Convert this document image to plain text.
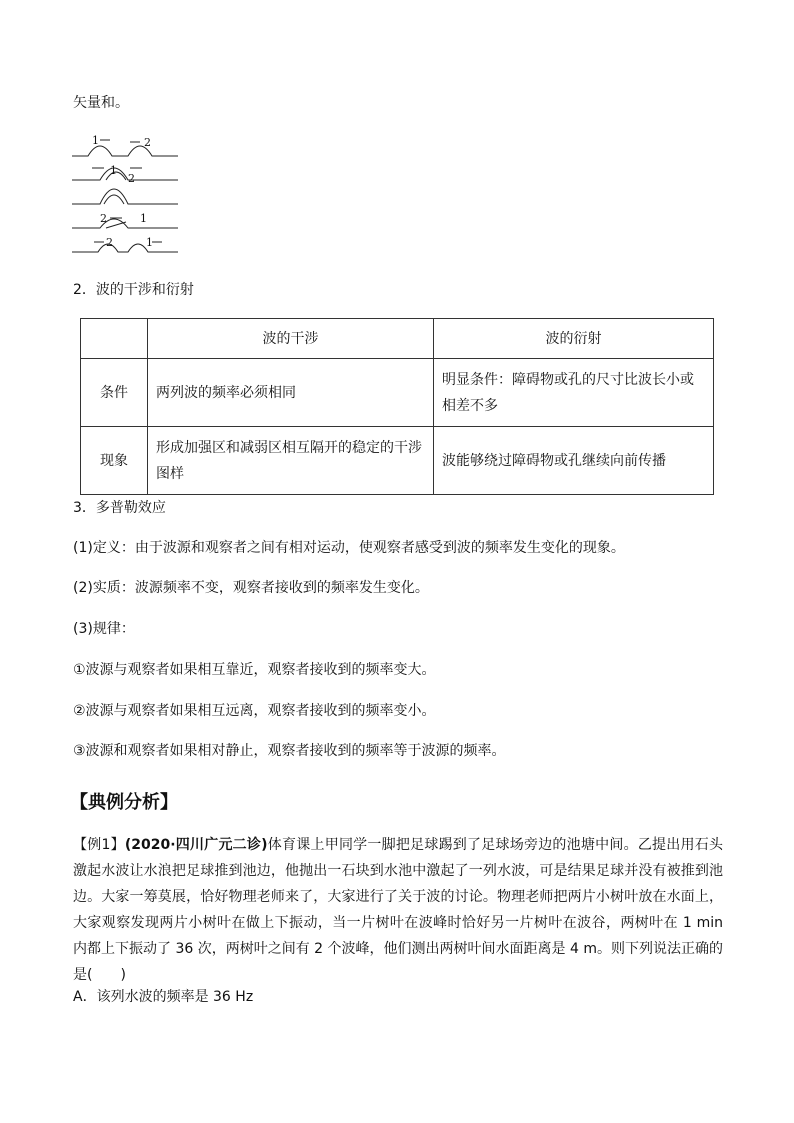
矢量和。
1	2
1
2
2	1
2	1
2．波的干涉和衍射
	波的干涉	波的衍射
条件	两列波的频率必须相同	明显条件：障碍物或孔的尺寸比波长小或相差不多
现象	形成加强区和减弱区相互隔开的稳定的干涉图样	波能够绕过障碍物或孔继续向前传播
3．多普勒效应
(1)定义：由于波源和观察者之间有相对运动，使观察者感受到波的频率发生变化的现象。
(2)实质：波源频率不变，观察者接收到的频率发生变化。
(3)规律：
①波源与观察者如果相互靠近，观察者接收到的频率变大。
②波源与观察者如果相互远离，观察者接收到的频率变小。
③波源和观察者如果相对静止，观察者接收到的频率等于波源的频率。
【典例分析】
【例1】(2020·四川广元二诊)体育课上甲同学一脚把足球踢到了足球场旁边的池塘中间。乙提出用石头激起水波让水浪把足球推到池边，他抛出一石块到水池中激起了一列水波，可是结果足球并没有被推到池边。大家一筹莫展，恰好物理老师来了，大家进行了关于波的讨论。物理老师把两片小树叶放在水面上，大家观察发现两片小树叶在做上下振动，当一片树叶在波峰时恰好另一片树叶在波谷，两树叶在 1 min 内都上下振动了 36 次，两树叶之间有 2 个波峰，他们测出两树叶间水面距离是 4 m。则下列说法正确的是(　　)
A．该列水波的频率是 36 Hz
